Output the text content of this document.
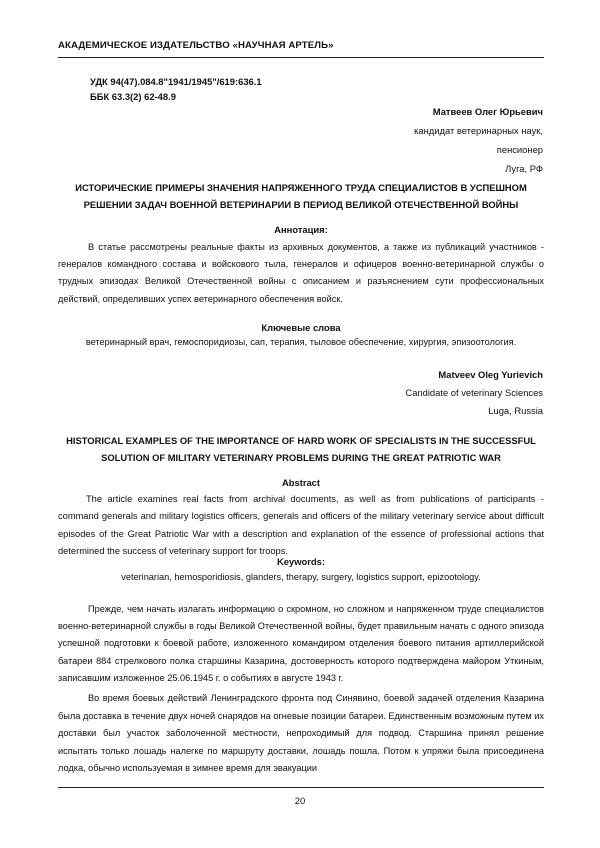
АКАДЕМИЧЕСКОЕ ИЗДАТЕЛЬСТВО «НАУЧНАЯ АРТЕЛЬ»
УДК 94(47).084.8"1941/1945"/619:636.1
ББК 63.3(2) 62-48.9
Матвеев Олег Юрьевич
кандидат ветеринарных наук,
пенсионер
Луга, РФ
ИСТОРИЧЕСКИЕ ПРИМЕРЫ ЗНАЧЕНИЯ НАПРЯЖЕННОГО ТРУДА СПЕЦИАЛИСТОВ В УСПЕШНОМ РЕШЕНИИ ЗАДАЧ ВОЕННОЙ ВЕТЕРИНАРИИ В ПЕРИОД ВЕЛИКОЙ ОТЕЧЕСТВЕННОЙ ВОЙНЫ
Аннотация:
В статье рассмотрены реальные факты из архивных документов, а также из публикаций участников - генералов командного состава и войскового тыла, генералов и офицеров военно-ветеринарной службы о трудных эпизодах Великой Отечественной войны с описанием и разъяснением сути профессиональных действий, определивших успех ветеринарного обеспечения войск.
Ключевые слова
ветеринарный врач, гемоспоридиозы, сап, терапия, тыловое обеспечение, хирургия, эпизоотология.
Matveev Oleg Yurievich
Candidate of veterinary Sciences
Luga, Russia
HISTORICAL EXAMPLES OF THE IMPORTANCE OF HARD WORK OF SPECIALISTS IN THE SUCCESSFUL SOLUTION OF MILITARY VETERINARY PROBLEMS DURING THE GREAT PATRIOTIC WAR
Abstract
The article examines real facts from archival documents, as well as from publications of participants - command generals and military logistics officers, generals and officers of the military veterinary service about difficult episodes of the Great Patriotic War with a description and explanation of the essence of professional actions that determined the success of veterinary support for troops.
Keywords:
veterinarian, hemosporidiosis, glanders, therapy, surgery, logistics support, epizootology.
Прежде, чем начать излагать информацию о скромном, но сложном и напряженном труде специалистов военно-ветеринарной службы в годы Великой Отечественной войны, будет правильным начать с одного эпизода успешной подготовки к боевой работе, изложенного командиром отделения боевого питания артиллерийской батареи 884 стрелкового полка старшины Казарина, достоверность которого подтверждена майором Уткиным, записавшим изложенное 25.06.1945 г. о событиях в августе 1943 г.
Во время боевых действий Ленинградского фронта под Синявино, боевой задачей отделения Казарина была доставка в течение двух ночей снарядов на огневые позиции батареи. Единственным возможным путем их доставки был участок заболоченной местности, непроходимый для подвод. Старшина принял решение испытать только лошадь налегке по маршруту доставки, лошадь пошла. Потом к упряжи была присоединена лодка, обычно используемая в зимнее время для эвакуации
20
